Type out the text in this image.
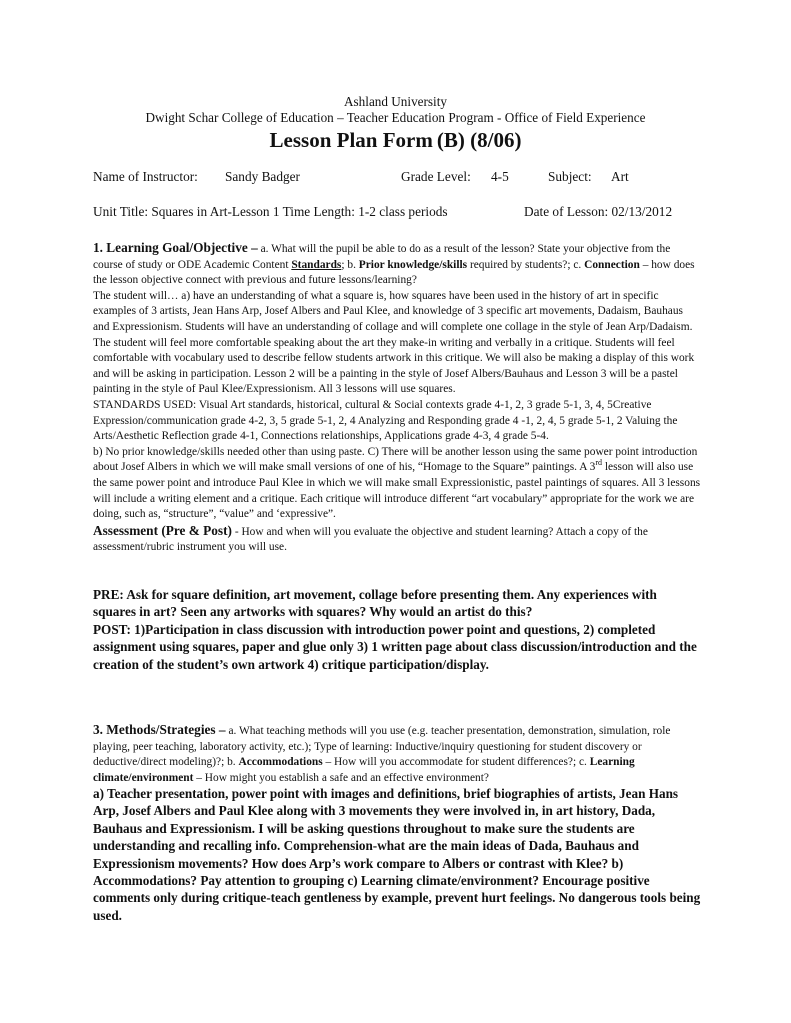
Ashland University
Dwight Schar College of Education – Teacher Education Program - Office of Field Experience
Lesson Plan Form (B) (8/06)
Name of Instructor: Sandy Badger	Grade Level: 4-5	Subject: Art
Unit Title: Squares in Art-Lesson 1 Time Length: 1-2 class periods	Date of Lesson: 02/13/2012

1. Learning Goal/Objective – a. What will the pupil be able to do as a result of the lesson? State your objective from the course of study or ODE Academic Content Standards; b. Prior knowledge/skills required by students?; c. Connection – how does the lesson objective connect with previous and future lessons/learning?

The student will… a) have an understanding of what a square is, how squares have been used in the history of art in specific examples of 3 artists, Jean Hans Arp, Josef Albers and Paul Klee, and knowledge of 3 specific art movements, Dadaism, Bauhaus and Expressionism. Students will have an understanding of collage and will complete one collage in the style of Jean Arp/Dadaism. The student will feel more comfortable speaking about the art they make-in writing and verbally in a critique. Students will feel comfortable with vocabulary used to describe fellow students artwork in this critique. We will also be making a display of this work and will be asking in participation. Lesson 2 will be a painting in the style of Josef Albers/Bauhaus and Lesson 3 will be a pastel painting in the style of Paul Klee/Expressionism. All 3 lessons will use squares.

STANDARDS USED: Visual Art standards, historical, cultural & Social contexts grade 4-1, 2, 3 grade 5-1, 3, 4, 5Creative Expression/communication grade 4-2, 3, 5 grade 5-1, 2, 4 Analyzing and Responding grade 4 -1, 2, 4, 5 grade 5-1, 2 Valuing the Arts/Aesthetic Reflection grade 4-1, Connections relationships, Applications grade 4-3, 4 grade 5-4.

b) No prior knowledge/skills needed other than using paste. C) There will be another lesson using the same power point introduction about Josef Albers in which we will make small versions of one of his, “Homage to the Square” paintings. A 3rd lesson will also use the same power point and introduce Paul Klee in which we will make small Expressionistic, pastel paintings of squares. All 3 lessons will include a writing element and a critique. Each critique will introduce different “art vocabulary” appropriate for the work we are doing, such as, “structure”, “value” and ‘expressive”.

Assessment (Pre & Post) - How and when will you evaluate the objective and student learning? Attach a copy of the assessment/rubric instrument you will use.

PRE: Ask for square definition, art movement, collage before presenting them. Any experiences with squares in art? Seen any artworks with squares? Why would an artist do this?

POST: 1)Participation in class discussion with introduction power point and questions, 2) completed assignment using squares, paper and glue only 3) 1 written page about class discussion/introduction and the creation of the student’s own artwork 4) critique participation/display.

3. Methods/Strategies – a. What teaching methods will you use (e.g. teacher presentation, demonstration, simulation, role playing, peer teaching, laboratory activity, etc.); Type of learning: Inductive/inquiry questioning for student discovery or deductive/direct modeling)?; b. Accommodations – How will you accommodate for student differences?; c. Learning climate/environment – How might you establish a safe and an effective environment?

a) Teacher presentation, power point with images and definitions, brief biographies of artists, Jean Hans Arp, Josef Albers and Paul Klee along with 3 movements they were involved in, in art history, Dada, Bauhaus and Expressionism. I will be asking questions throughout to make sure the students are understanding and recalling info. Comprehension-what are the main ideas of Dada, Bauhaus and Expressionism movements? How does Arp’s work compare to Albers or contrast with Klee? b) Accommodations? Pay attention to grouping c) Learning climate/environment? Encourage positive comments only during critique-teach gentleness by example, prevent hurt feelings. No dangerous tools being used.
